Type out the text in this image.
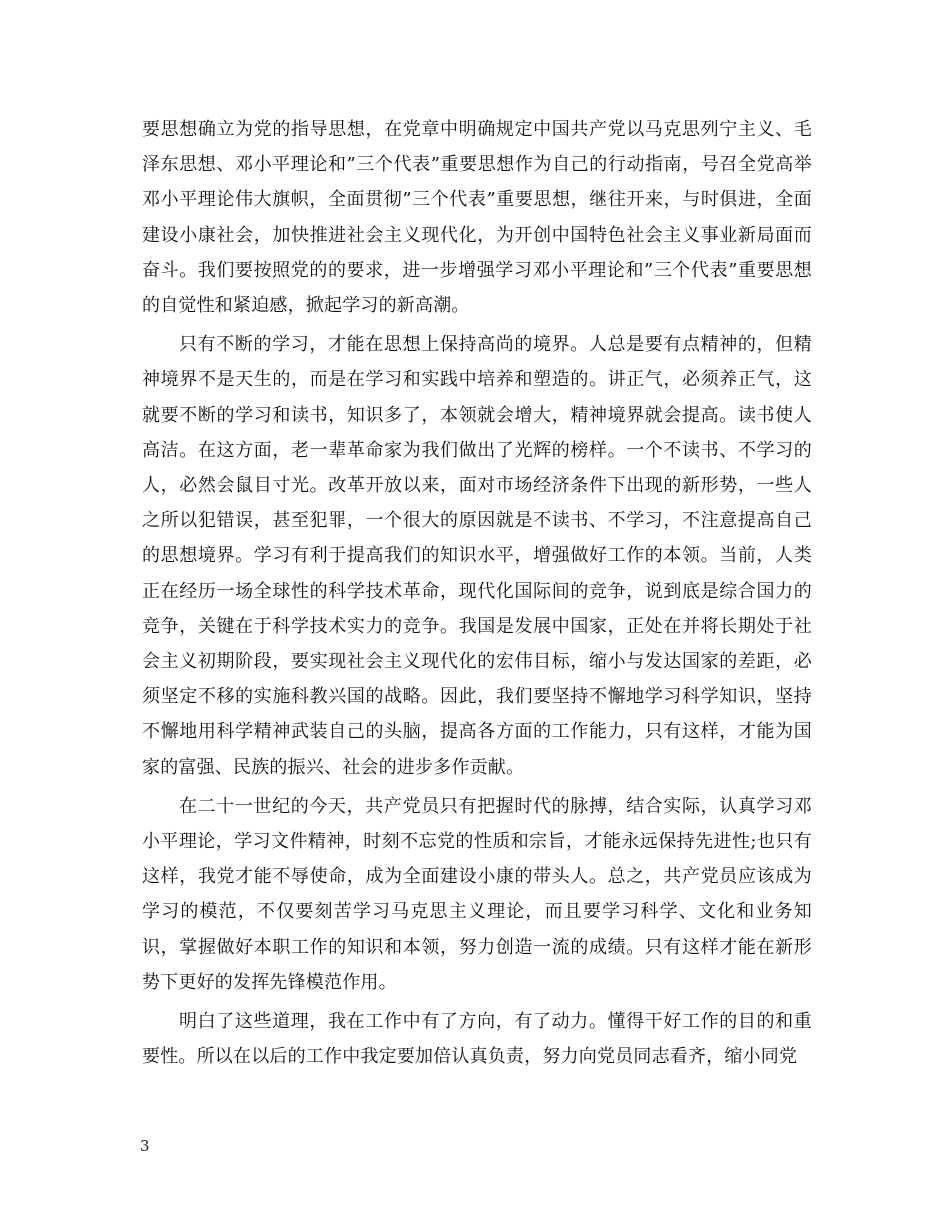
要思想确立为党的指导思想，在党章中明确规定中国共产党以马克思列宁主义、毛泽东思想、邓小平理论和”三个代表”重要思想作为自己的行动指南，号召全党高举邓小平理论伟大旗帜，全面贯彻”三个代表”重要思想，继往开来，与时俱进，全面建设小康社会，加快推进社会主义现代化，为开创中国特色社会主义事业新局面而奋斗。我们要按照党的的要求，进一步增强学习邓小平理论和”三个代表”重要思想的自觉性和紧迫感，掀起学习的新高潮。

只有不断的学习，才能在思想上保持高尚的境界。人总是要有点精神的，但精神境界不是天生的，而是在学习和实践中培养和塑造的。讲正气，必须养正气，这就要不断的学习和读书，知识多了，本领就会增大，精神境界就会提高。读书使人高洁。在这方面，老一辈革命家为我们做出了光辉的榜样。一个不读书、不学习的人，必然会鼠目寸光。改革开放以来，面对市场经济条件下出现的新形势，一些人之所以犯错误，甚至犯罪，一个很大的原因就是不读书、不学习，不注意提高自己的思想境界。学习有利于提高我们的知识水平，增强做好工作的本领。当前，人类正在经历一场全球性的科学技术革命，现代化国际间的竞争，说到底是综合国力的竞争，关键在于科学技术实力的竞争。我国是发展中国家，正处在并将长期处于社会主义初期阶段，要实现社会主义现代化的宏伟目标，缩小与发达国家的差距，必须坚定不移的实施科教兴国的战略。因此，我们要坚持不懈地学习科学知识，坚持不懈地用科学精神武装自己的头脑，提高各方面的工作能力，只有这样，才能为国家的富强、民族的振兴、社会的进步多作贡献。

在二十一世纪的今天，共产党员只有把握时代的脉搏，结合实际，认真学习邓小平理论，学习文件精神，时刻不忘党的性质和宗旨，才能永远保持先进性;也只有这样，我党才能不辱使命，成为全面建设小康的带头人。总之，共产党员应该成为学习的模范，不仅要刻苦学习马克思主义理论，而且要学习科学、文化和业务知识，掌握做好本职工作的知识和本领，努力创造一流的成绩。只有这样才能在新形势下更好的发挥先锋模范作用。

明白了这些道理，我在工作中有了方向，有了动力。懂得干好工作的目的和重要性。所以在以后的工作中我定要加倍认真负责，努力向党员同志看齐，缩小同党

3
